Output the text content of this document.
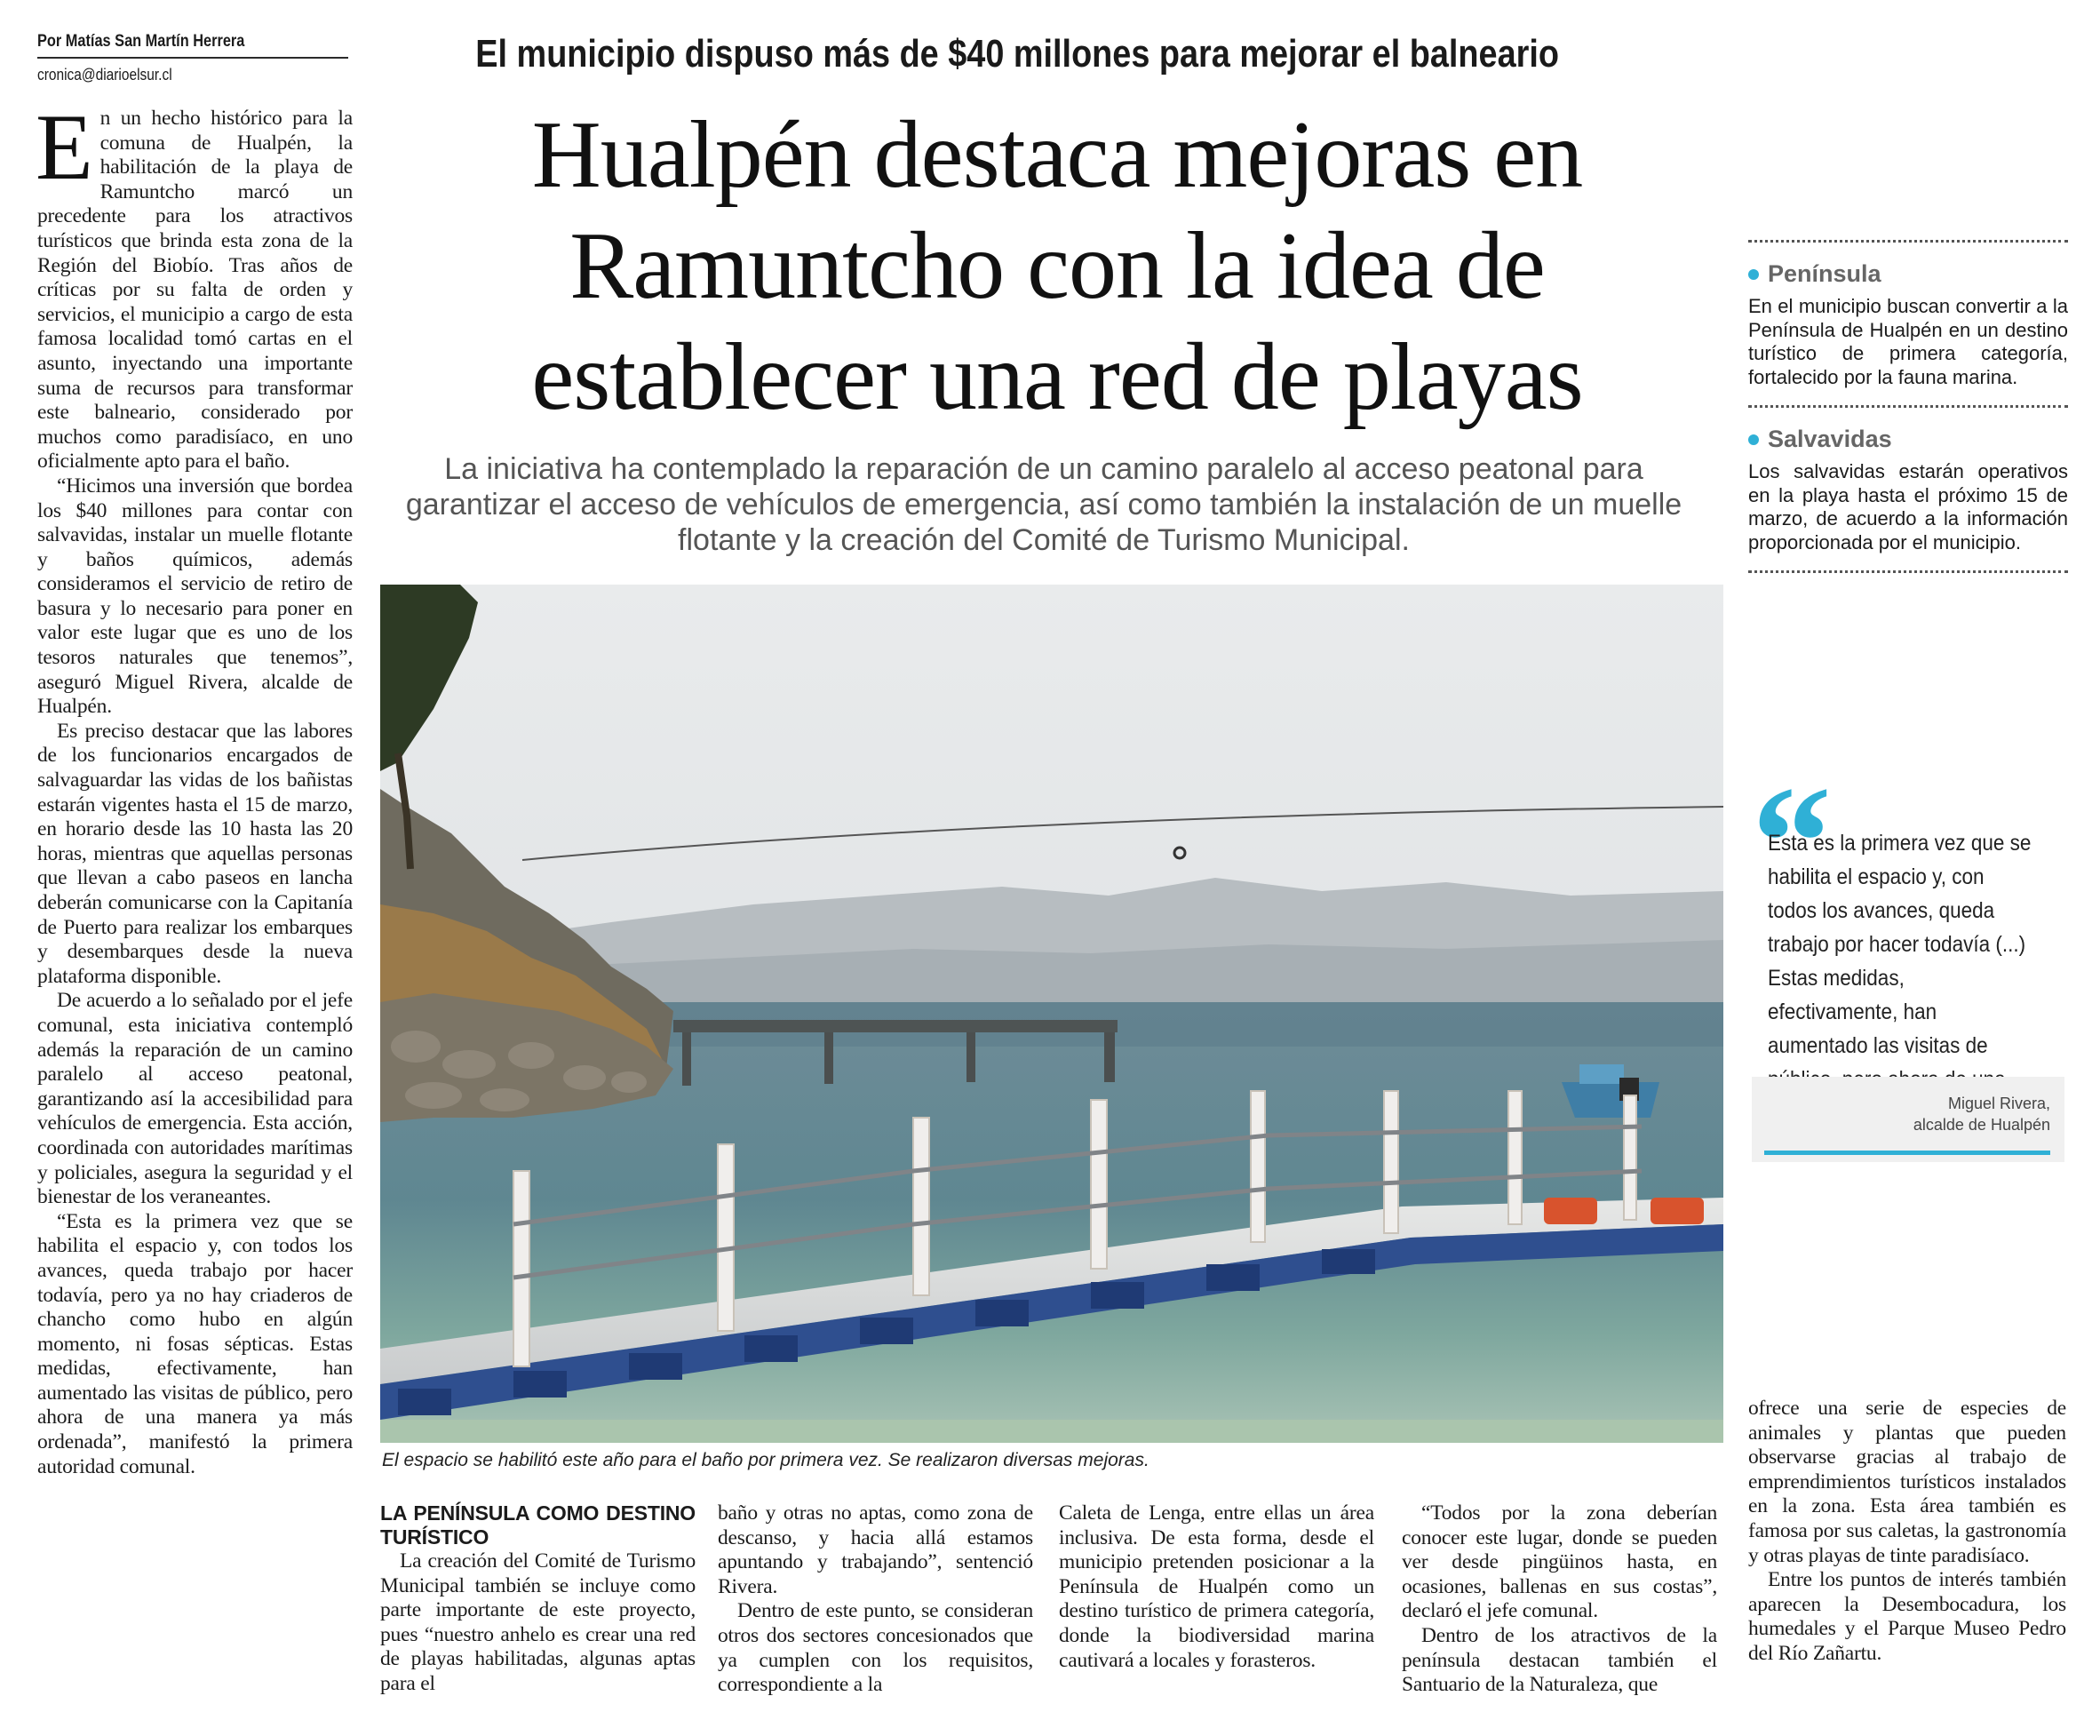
Por Matías San Martín Herrera
cronica@diarioelsur.cl

En un hecho histórico para la comuna de Hualpén, la habilitación de la playa de Ramuntcho marcó un precedente para los atractivos turísticos que brinda esta zona de la Región del Biobío. Tras años de críticas por su falta de orden y servicios, el municipio a cargo de esta famosa localidad tomó cartas en el asunto, inyectando una importante suma de recursos para transformar este balneario, considerado por muchos como paradisíaco, en uno oficialmente apto para el baño.

“Hicimos una inversión que bordea los $40 millones para contar con salvavidas, instalar un muelle flotante y baños químicos, además consideramos el servicio de retiro de basura y lo necesario para poner en valor este lugar que es uno de los tesoros naturales que tenemos”, aseguró Miguel Rivera, alcalde de Hualpén.

Es preciso destacar que las labores de los funcionarios encargados de salvaguardar las vidas de los bañistas estarán vigentes hasta el 15 de marzo, en horario desde las 10 hasta las 20 horas, mientras que aquellas personas que llevan a cabo paseos en lancha deberán comunicarse con la Capitanía de Puerto para realizar los embarques y desembarques desde la nueva plataforma disponible.

De acuerdo a lo señalado por el jefe comunal, esta iniciativa contempló además la reparación de un camino paralelo al acceso peatonal, garantizando así la accesibilidad para vehículos de emergencia. Esta acción, coordinada con autoridades marítimas y policiales, asegura la seguridad y el bienestar de los veraneantes.

“Esta es la primera vez que se habilita el espacio y, con todos los avances, queda trabajo por hacer todavía, pero ya no hay criaderos de chancho como hubo en algún momento, ni fosas sépticas. Estas medidas, efectivamente, han aumentado las visitas de público, pero ahora de una manera ya más ordenada”, manifestó la primera autoridad comunal.

El municipio dispuso más de $40 millones para mejorar el balneario
Hualpén destaca mejoras en
Ramuntcho con la idea de
establecer una red de playas
La iniciativa ha contemplado la reparación de un camino paralelo al acceso peatonal para garantizar el acceso de vehículos de emergencia, así como también la instalación de un muelle flotante y la creación del Comité de Turismo Municipal.
El espacio se habilitó este año para el baño por primera vez. Se realizaron diversas mejoras.
Península

En el municipio buscan convertir a la Península de Hualpén en un destino turístico de primera categoría, fortalecido por la fauna marina.

Salvavidas

Los salvavidas estarán operativos en la playa hasta el próximo 15 de marzo, de acuerdo a la información proporcionada por el municipio.

“
Esta es la primera vez que se habilita el espacio y, con todos los avances, queda trabajo por hacer todavía (...) Estas medidas, efectivamente, han aumentado las visitas de
Miguel Rivera,
alcalde de Hualpén
LA PENÍNSULA COMO DESTINO TURÍSTICO

La creación del Comité de Turismo Municipal también se incluye como parte importante de este proyecto, pues “nuestro anhelo es crear una red de playas habilitadas, algunas aptas para el

baño y otras no aptas, como zona de descanso, y hacia allá estamos apuntando y trabajando”, sentenció Rivera.

Dentro de este punto, se consideran otros dos sectores concesionados que ya cumplen con los requisitos, correspondiente a la

Caleta de Lenga, entre ellas un área inclusiva. De esta forma, desde el municipio pretenden posicionar a la Península de Hualpén como un destino turístico de primera categoría, donde la biodiversidad marina cautivará a locales y forasteros.

“Todos por la zona deberían conocer este lugar, donde se pueden ver desde pingüinos hasta, en ocasiones, ballenas en sus costas”, declaró el jefe comunal.

Dentro de los atractivos de la península destacan también el Santuario de la Naturaleza, que

ofrece una serie de especies de animales y plantas que pueden observarse gracias al trabajo de emprendimientos turísticos instalados en la zona. Esta área también es famosa por sus caletas, la gastronomía y otras playas de tinte paradisíaco.

Entre los puntos de interés también aparecen la Desembocadura, los humedales y el Parque Museo Pedro del Río Zañartu.
